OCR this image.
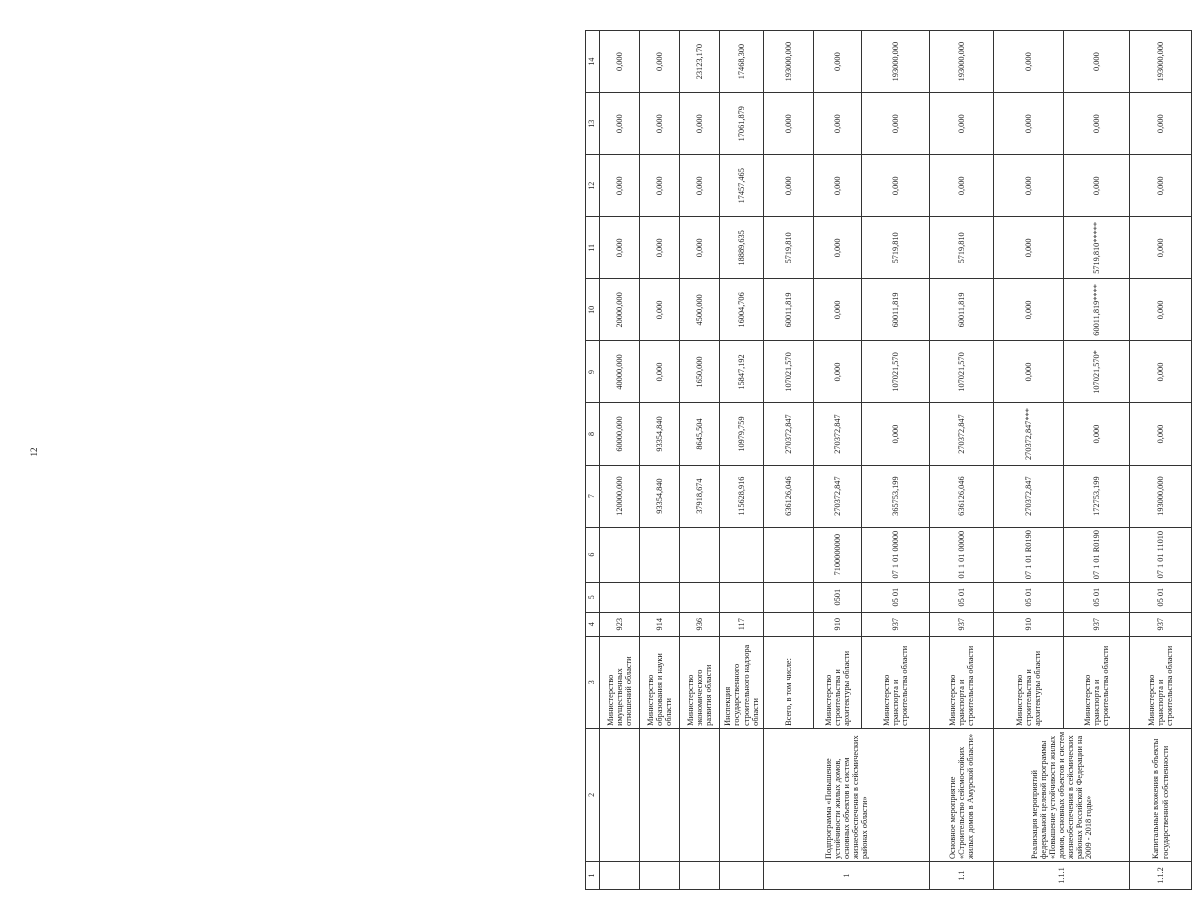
12
1	2	3	4	5	6	7	8	9	10	11	12	13	14
		Министерство имущественных отношений области	923			120000,000	60000,000	40000,000	20000,000	0,000	0,000	0,000	0,000
		Министерство образования и науки области	914			93354,840	93354,840	0,000	0,000	0,000	0,000	0,000	0,000
		Министерство экономического развития области	936			37918,674	8645,504	1650,000	4500,000	0,000	0,000	0,000	23123,170
		Инспекция государственного строительного надзора области	117			115628,916	10979,759	15847,192	16004,706	18889,635	17457,465	17061,879	17468,300
1	Подпрограмма «Повышение устойчивости жилых домов, основных объектов и систем жизнеобеспечения в сейсмических районах области»	Всего, в том числе:				636126,046	270372,847	107021,570	60011,819	5719,810	0,000	0,000	193000,000
		Министерство строительства и архитектуры области	910	0501	7100000000	270372,847	270372,847	0,000	0,000	0,000	0,000	0,000	0,000
		Министерство транспорта и строительства области	937	05 01	07 1 01 00000	365753,199	0,000	107021,570	60011,819	5719,810	0,000	0,000	193000,000
1.1	Основное мероприятие «Строительство сейсмостойких жилых домов в Амурской области»	Министерство транспорта и строительства области	937	05 01	01 1 01 00000	636126,046	270372,847	107021,570	60011,819	5719,810	0,000	0,000	193000,000
1.1.1	Реализация мероприятий федеральной целевой программы «Повышение устойчивости жилых домов, основных объектов и систем жизнеобеспечения в сейсмических районах Российской Федерации на 2009 - 2018 годы»	Министерство строительства и архитектуры области	910	05 01	07 1 01 R0190	270372,847	270372,847***	0,000	0,000	0,000	0,000	0,000	0,000
		Министерство транспорта и строительства области	937	05 01	07 1 01 R0190	172753,199	0,000	107021,570*	60011,819****	5719,810*****	0,000	0,000	0,000
1.1.2	Капитальные вложения в объекты государственной собственности	Министерство транспорта и строительства области	937	05 01	07 1 01 11010	193000,000	0,000	0,000	0,000	0,000	0,000	0,000	193000,000
